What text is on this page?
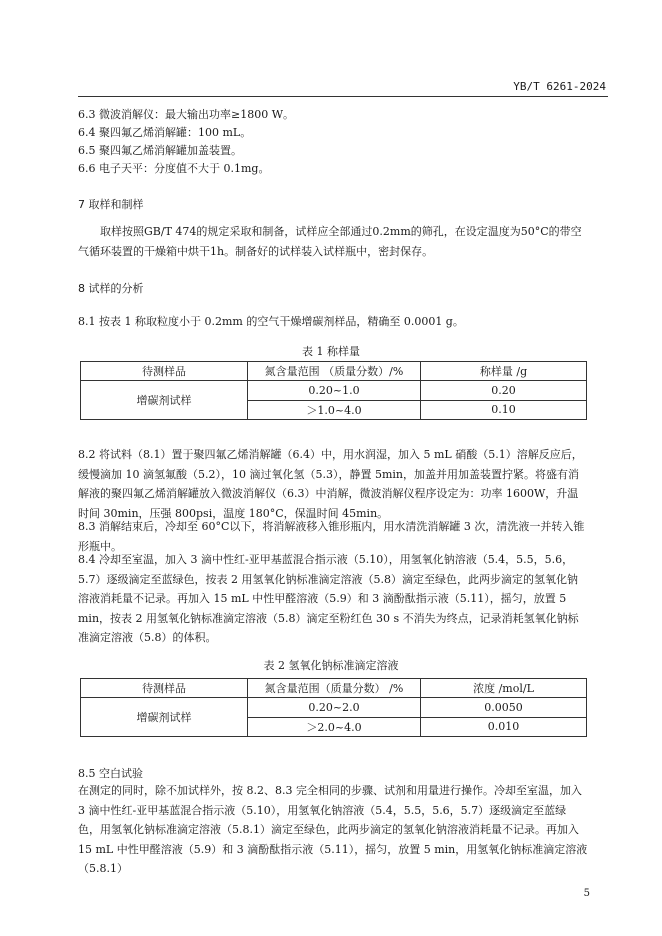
YB/T 6261-2024
6.3 微波消解仪：最大输出功率≥1800 W。
6.4 聚四氟乙烯消解罐：100 mL。
6.5 聚四氟乙烯消解罐加盖装置。
6.6 电子天平：分度值不大于 0.1mg。
7 取样和制样
取样按照GB/T 474的规定采取和制备，试样应全部通过0.2mm的筛孔，在设定温度为50°C的带空气循环装置的干燥箱中烘干1h。制备好的试样装入试样瓶中，密封保存。
8 试样的分析
8.1 按表 1 称取粒度小于 0.2mm 的空气干燥增碳剂样品，精确至 0.0001 g。
表 1 称样量
待测样品	氮含量范围 （质量分数）/%	称样量 /g
增碳剂试样	0.20~1.0	0.20
	＞1.0~4.0	0.10
8.2 将试料（8.1）置于聚四氟乙烯消解罐（6.4）中，用水润湿，加入 5 mL 硝酸（5.1）溶解反应后，缓慢滴加 10 滴氢氟酸（5.2），10 滴过氧化氢（5.3），静置 5min，加盖并用加盖装置拧紧。将盛有消解液的聚四氟乙烯消解罐放入微波消解仪（6.3）中消解，微波消解仪程序设定为：功率 1600W，升温时间 30min，压强 800psi，温度 180°C，保温时间 45min。
8.3 消解结束后，冷却至 60°C以下，将消解液移入锥形瓶内，用水清洗消解罐 3 次，清洗液一并转入锥形瓶中。
8.4 冷却至室温，加入 3 滴中性红-亚甲基蓝混合指示液（5.10），用氢氧化钠溶液（5.4，5.5，5.6，5.7）逐级滴定至蓝绿色，按表 2 用氢氧化钠标准滴定溶液（5.8）滴定至绿色，此两步滴定的氢氧化钠溶液消耗量不记录。再加入 15 mL 中性甲醛溶液（5.9）和 3 滴酚酞指示液（5.11），摇匀，放置 5 min，按表 2 用氢氧化钠标准滴定溶液（5.8）滴定至粉红色 30 s 不消失为终点，记录消耗氢氧化钠标准滴定溶液（5.8）的体积。
表 2 氢氧化钠标准滴定溶液
待测样品	氮含量范围（质量分数） /%	浓度 /mol/L
增碳剂试样	0.20~2.0	0.0050
	＞2.0~4.0	0.010
8.5 空白试验
在测定的同时，除不加试样外，按 8.2、8.3 完全相同的步骤、试剂和用量进行操作。冷却至室温，加入 3 滴中性红-亚甲基蓝混合指示液（5.10），用氢氧化钠溶液（5.4，5.5，5.6，5.7）逐级滴定至蓝绿色，用氢氧化钠标准滴定溶液（5.8.1）滴定至绿色，此两步滴定的氢氧化钠溶液消耗量不记录。再加入 15 mL 中性甲醛溶液（5.9）和 3 滴酚酞指示液（5.11），摇匀，放置 5 min，用氢氧化钠标准滴定溶液（5.8.1）
5
